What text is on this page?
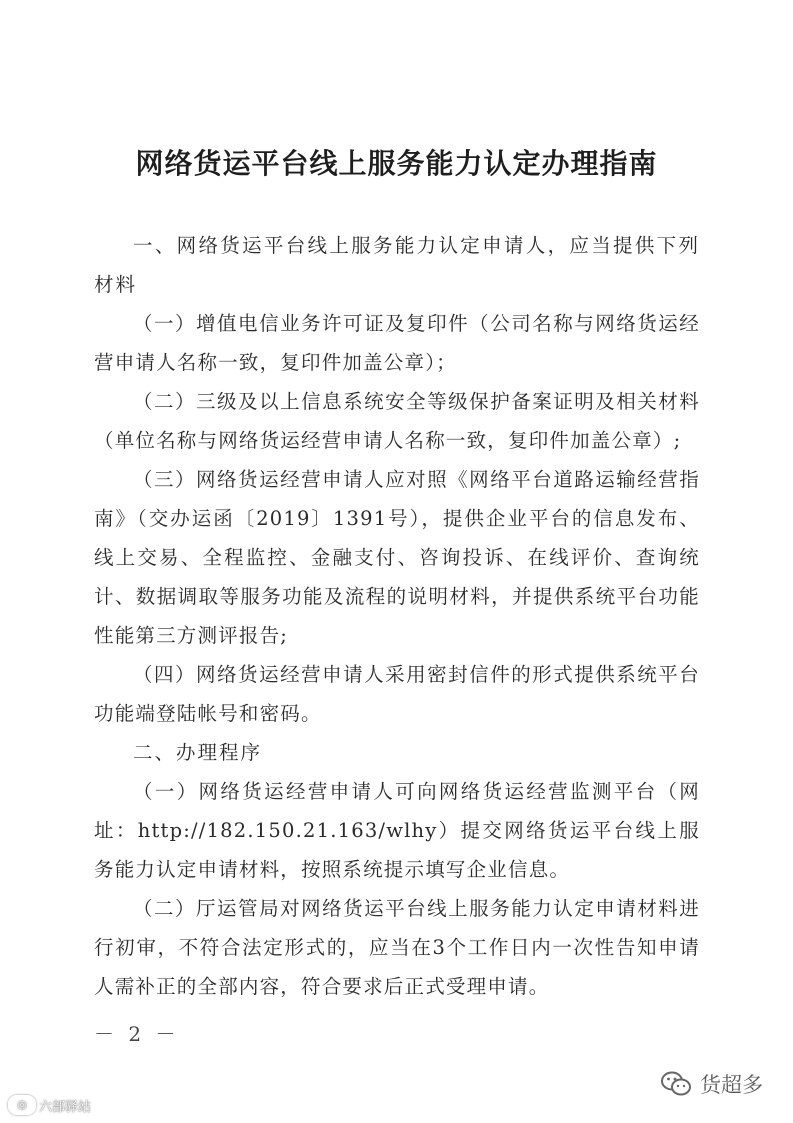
网络货运平台线上服务能力认定办理指南

一、网络货运平台线上服务能力认定申请人，应当提供下列材料

（一）增值电信业务许可证及复印件（公司名称与网络货运经营申请人名称一致，复印件加盖公章）；

（二）三级及以上信息系统安全等级保护备案证明及相关材料（单位名称与网络货运经营申请人名称一致，复印件加盖公章）;

（三）网络货运经营申请人应对照《网络平台道路运输经营指南》（交办运函〔2019〕1391号），提供企业平台的信息发布、线上交易、全程监控、金融支付、咨询投诉、在线评价、查询统计、数据调取等服务功能及流程的说明材料，并提供系统平台功能性能第三方测评报告;

（四）网络货运经营申请人采用密封信件的形式提供系统平台功能端登陆帐号和密码。

二、办理程序

（一）网络货运经营申请人可向网络货运经营监测平台（网址：http://182.150.21.163/wlhy）提交网络货运平台线上服务能力认定申请材料，按照系统提示填写企业信息。

（二）厅运管局对网络货运平台线上服务能力认定申请材料进行初审，不符合法定形式的，应当在3个工作日内一次性告知申请人需补正的全部内容，符合要求后正式受理申请。

－ 2 －
◎ 六部驿站
货超多
